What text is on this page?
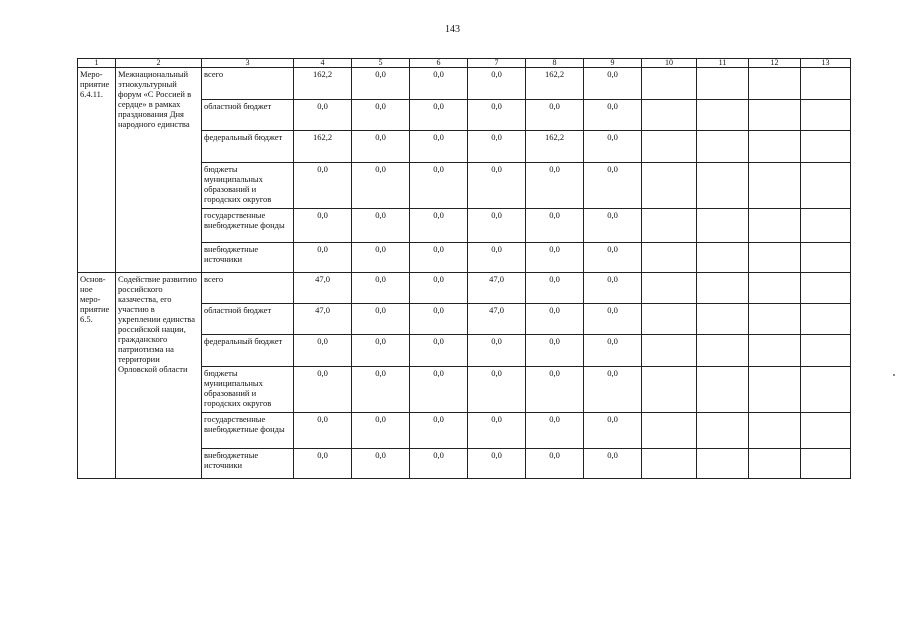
143
1	2	3	4	5	6	7	8	9	10	11	12	13
Меро-приятие 6.4.11.	Межнациональный этнокультурный форум «С Россией в сердце» в рамках празднования Дня народного единства	всего	162,2	0,0	0,0	0,0	162,2	0,0				
		областной бюджет	0,0	0,0	0,0	0,0	0,0	0,0				
		федеральный бюджет	162,2	0,0	0,0	0,0	162,2	0,0				
		бюджеты муниципальных образований и городских округов	0,0	0,0	0,0	0,0	0,0	0,0				
		государственные внебюджетные фонды	0,0	0,0	0,0	0,0	0,0	0,0				
		внебюджетные источники	0,0	0,0	0,0	0,0	0,0	0,0				
Основ-ное меро-приятие 6.5.	Содействие развитию российского казачества, его участию в укреплении единства российской нации, гражданского патриотизма на территории Орловской области	всего	47,0	0,0	0,0	47,0	0,0	0,0				
		областной бюджет	47,0	0,0	0,0	47,0	0,0	0,0				
		федеральный бюджет	0,0	0,0	0,0	0,0	0,0	0,0				
		бюджеты муниципальных образований и городских округов	0,0	0,0	0,0	0,0	0,0	0,0				
		государственные внебюджетные фонды	0,0	0,0	0,0	0,0	0,0	0,0				
		внебюджетные источники	0,0	0,0	0,0	0,0	0,0	0,0				
